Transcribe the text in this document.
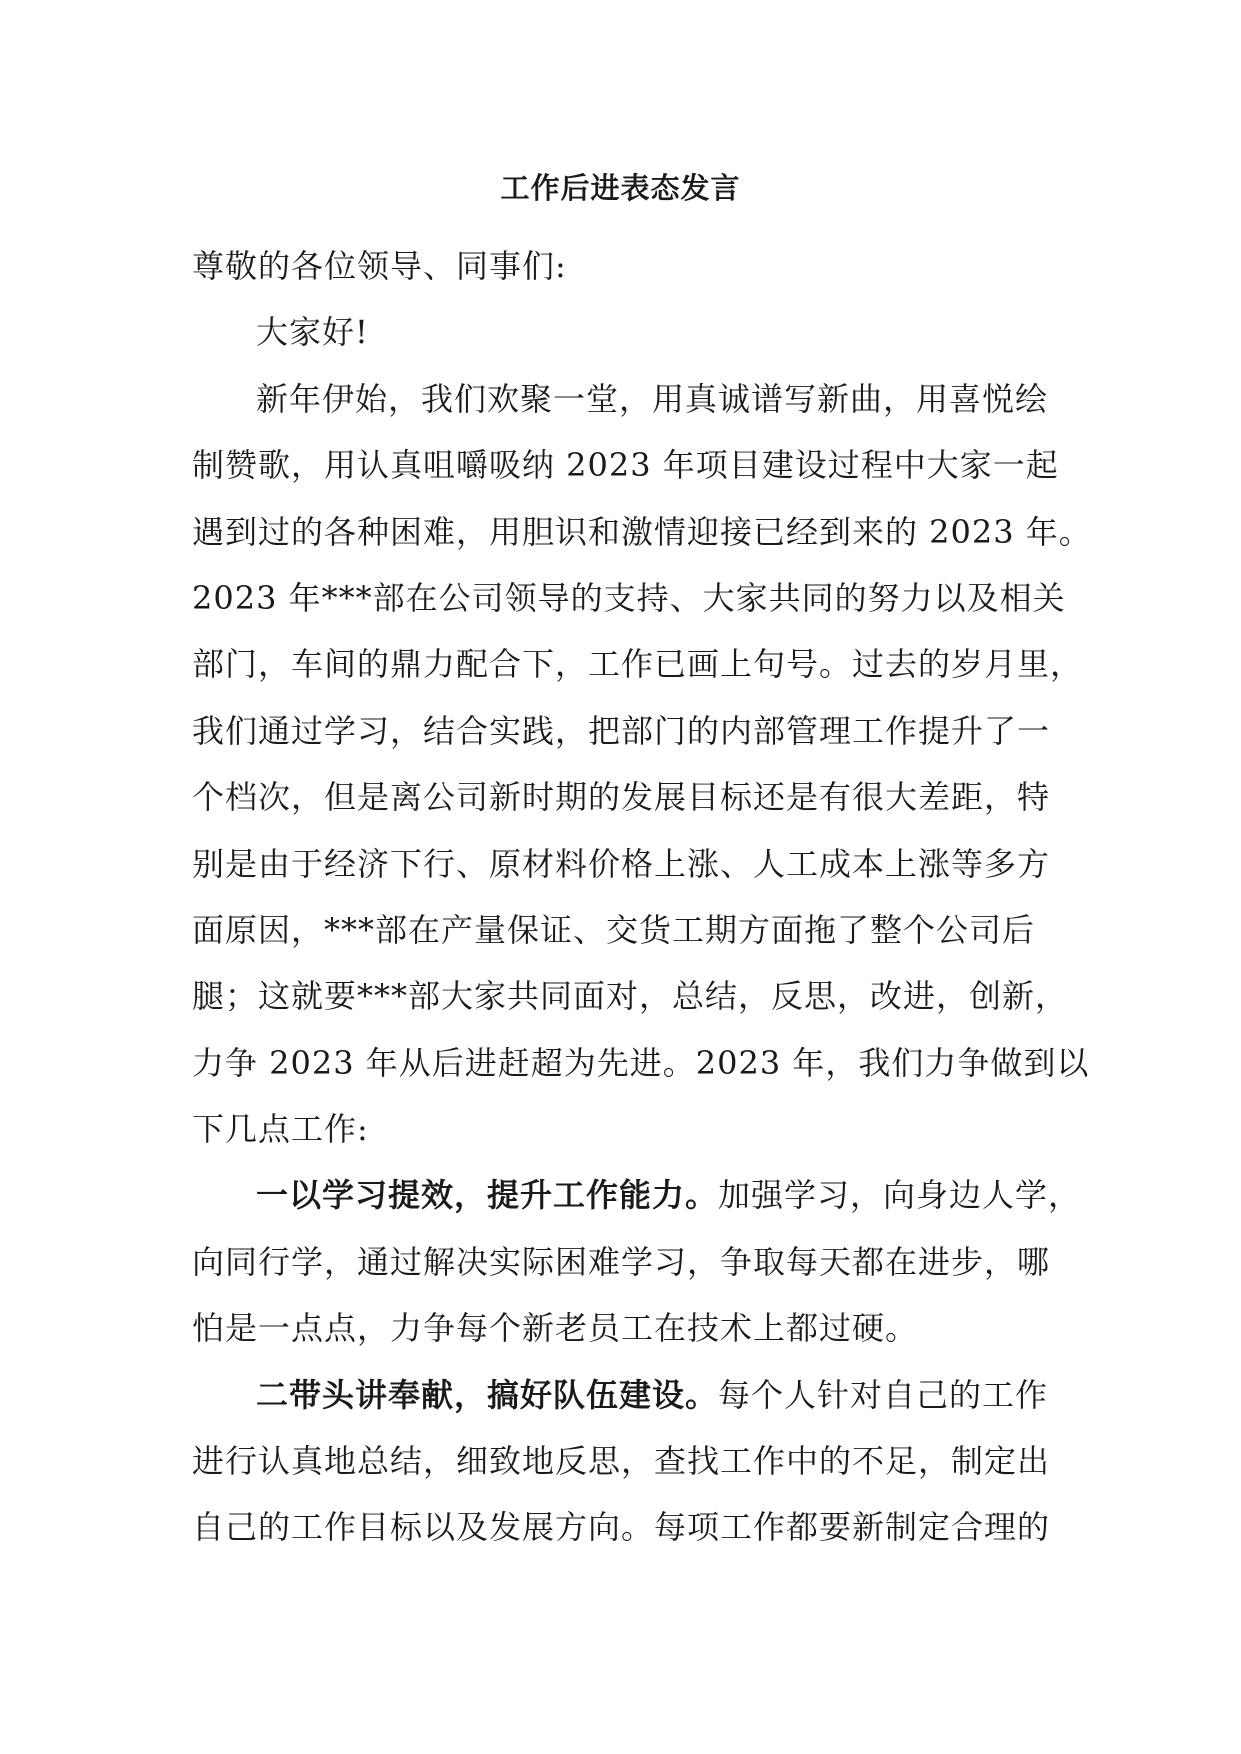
工作后进表态发言
尊敬的各位领导、同事们:
大家好!
新年伊始，我们欢聚一堂，用真诚谱写新曲，用喜悦绘
制赞歌，用认真咀嚼吸纳 2023 年项目建设过程中大家一起
遇到过的各种困难，用胆识和激情迎接已经到来的 2023 年。
2023 年***部在公司领导的支持、大家共同的努力以及相关
部门，车间的鼎力配合下，工作已画上句号。过去的岁月里，
我们通过学习，结合实践，把部门的内部管理工作提升了一
个档次，但是离公司新时期的发展目标还是有很大差距，特
别是由于经济下行、原材料价格上涨、人工成本上涨等多方
面原因，***部在产量保证、交货工期方面拖了整个公司后
腿；这就要***部大家共同面对，总结，反思，改进，创新，
力争 2023 年从后进赶超为先进。2023 年，我们力争做到以
下几点工作:
一以学习提效，提升工作能力。加强学习，向身边人学，
向同行学，通过解决实际困难学习，争取每天都在进步，哪
怕是一点点，力争每个新老员工在技术上都过硬。
二带头讲奉献，搞好队伍建设。每个人针对自己的工作
进行认真地总结，细致地反思，查找工作中的不足，制定出
自己的工作目标以及发展方向。每项工作都要新制定合理的
